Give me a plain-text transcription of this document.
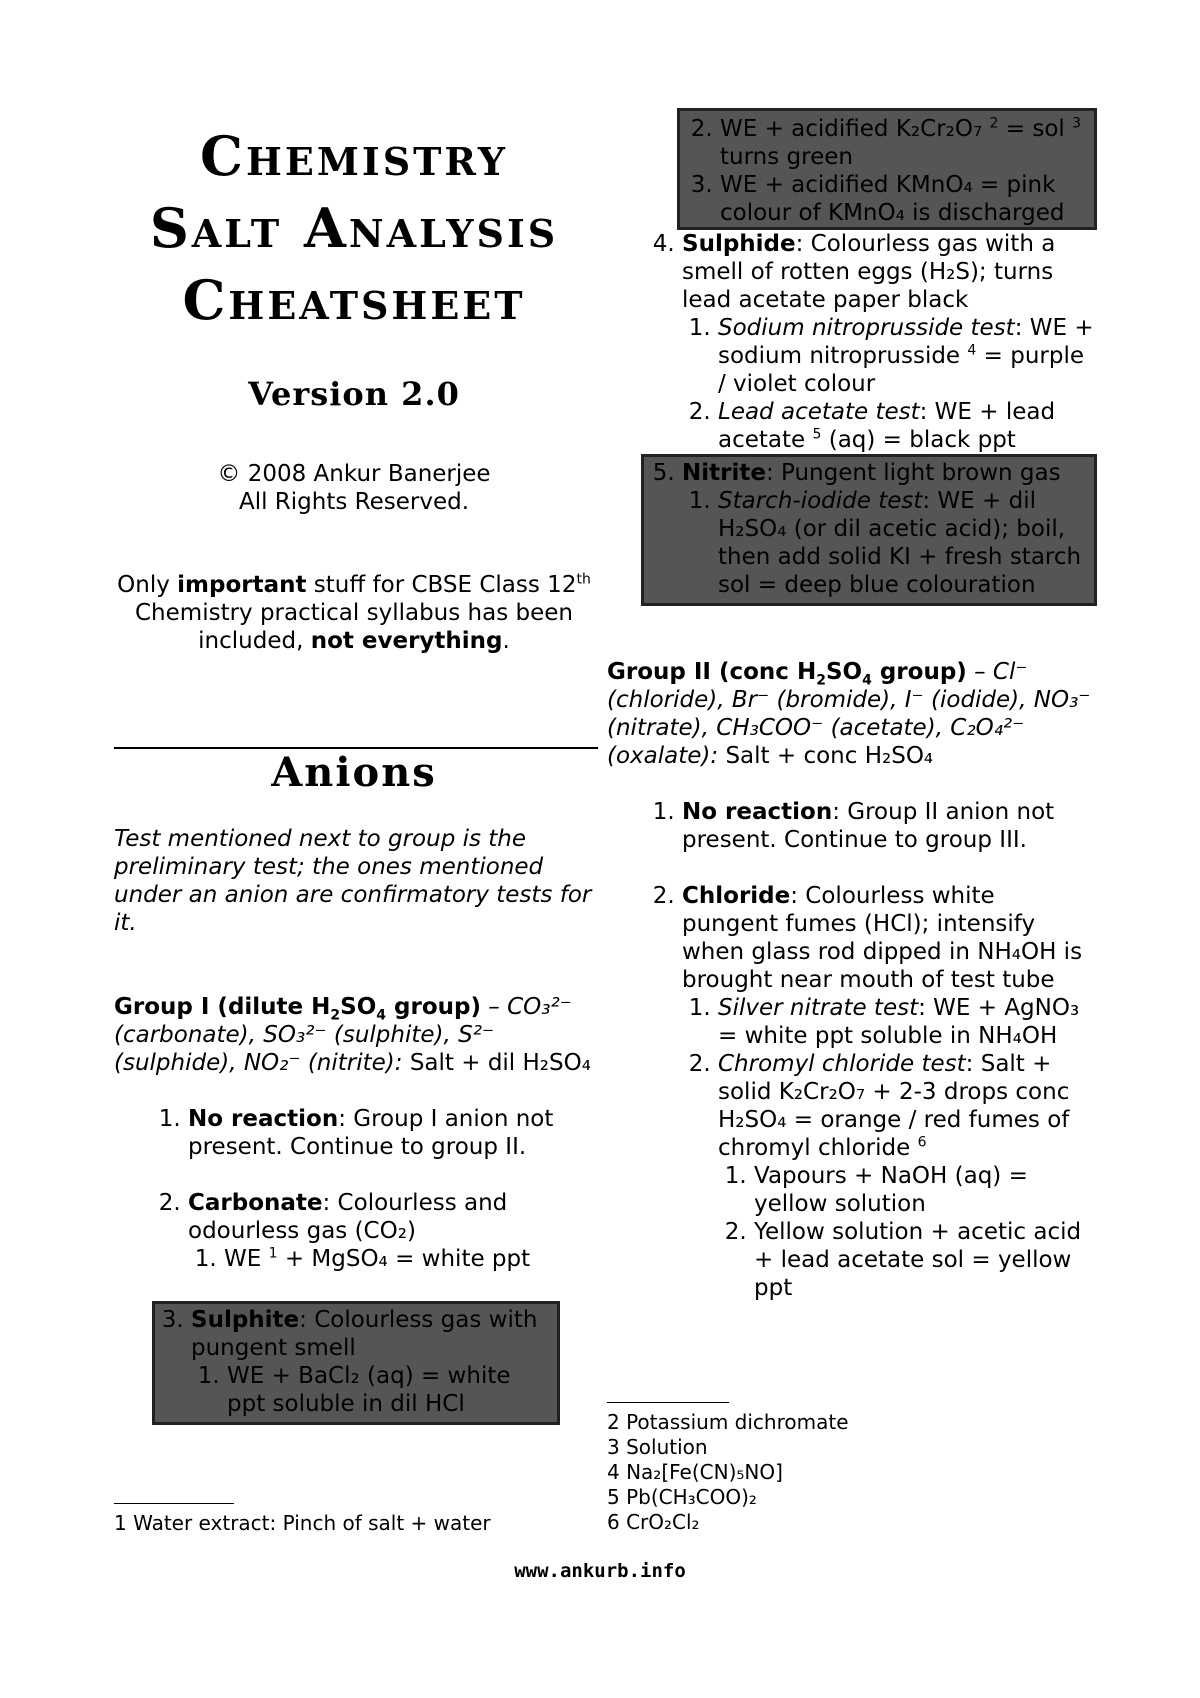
Chemistry
Salt Analysis
Cheatsheet
Version 2.0
© 2008 Ankur Banerjee
All Rights Reserved.
Only important stuff for CBSE Class 12th Chemistry practical syllabus has been included, not everything.
Anions
Test mentioned next to group is the preliminary test; the ones mentioned under an anion are confirmatory tests for it.
Group I (dilute $H_2SO_4$ group) – CO₃²⁻ (carbonate), SO₃²⁻ (sulphite), S²⁻ (sulphide), NO₂⁻ (nitrite): Salt + dil H₂SO₄
1. No reaction: Group I anion not present. Continue to group II.
2. Carbonate: Colourless and odourless gas (CO₂)
1. WE $^1$ + MgSO₄ = white ppt
3. Sulphite: Colourless gas with pungent smell
1. WE + BaCl₂ (aq) = white ppt soluble in dil HCl
2. WE + acidified K₂Cr₂O₇ $^2$ = sol $^3$ turns green
3. WE + acidified KMnO₄ = pink colour of KMnO₄ is discharged
4. Sulphide: Colourless gas with a smell of rotten eggs (H₂S); turns lead acetate paper black
1. Sodium nitroprusside test: WE + sodium nitroprusside $^4$ = purple / violet colour
2. Lead acetate test: WE + lead acetate $^5$ (aq) = black ppt
5. Nitrite: Pungent light brown gas
1. Starch-iodide test: WE + dil H₂SO₄ (or dil acetic acid); boil, then add solid KI + fresh starch sol = deep blue colouration
Group II (conc $H_2SO_4$ group) – Cl⁻ (chloride), Br⁻ (bromide), I⁻ (iodide), NO₃⁻ (nitrate), CH₃COO⁻ (acetate), C₂O₄²⁻ (oxalate): Salt + conc H₂SO₄
1. No reaction: Group II anion not present. Continue to group III.
2. Chloride: Colourless white pungent fumes (HCl); intensify when glass rod dipped in NH₄OH is brought near mouth of test tube
1. Silver nitrate test: WE + AgNO₃ = white ppt soluble in NH₄OH
2. Chromyl chloride test: Salt + solid K₂Cr₂O₇ + 2-3 drops conc H₂SO₄ = orange / red fumes of chromyl chloride $^6$
1. Vapours + NaOH (aq) = yellow solution
2. Yellow solution + acetic acid + lead acetate sol = yellow ppt
1 Water extract: Pinch of salt + water
2 Potassium dichromate
3 Solution
4 Na₂[Fe(CN)₅NO]
5 Pb(CH₃COO)₂
6 CrO₂Cl₂
www.ankurb.info
